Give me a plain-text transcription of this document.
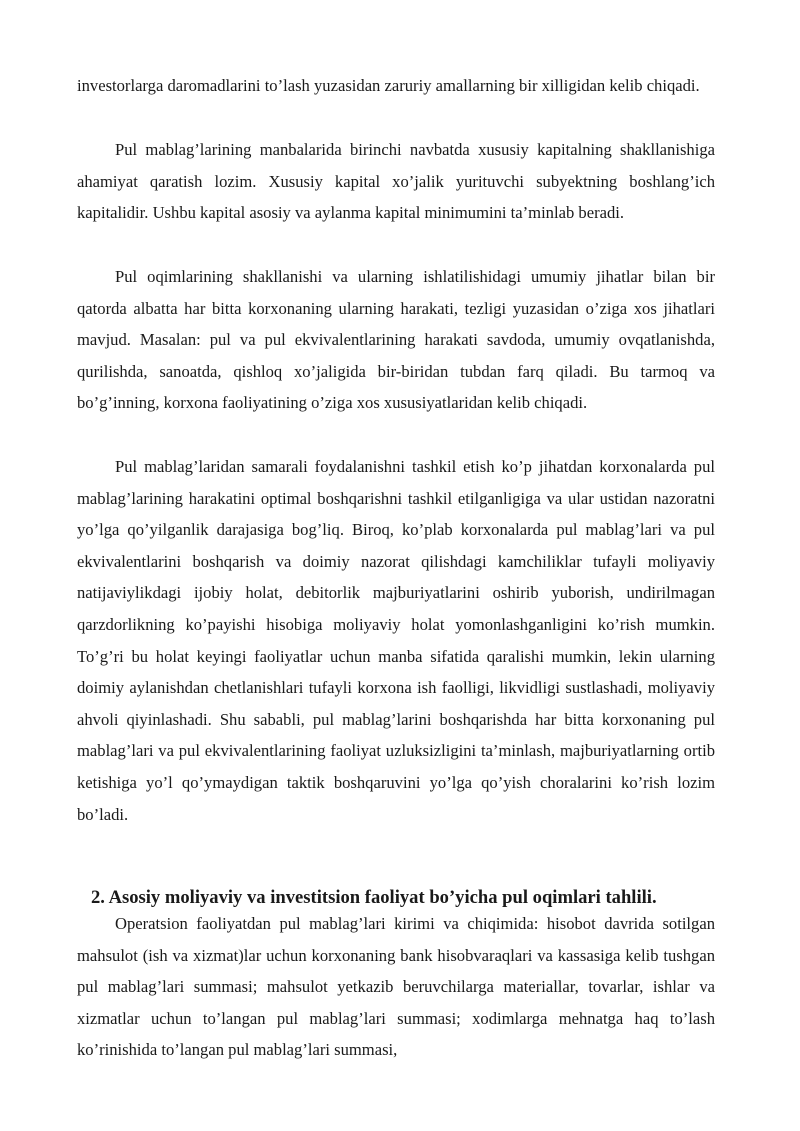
investorlarga daromadlarini to’lash yuzasidan zaruriy amallarning bir xilligidan kelib chiqadi.

Pul mablag’larining manbalarida birinchi navbatda xususiy kapitalning shakllanishiga ahamiyat qaratish lozim. Xususiy kapital xo’jalik yurituvchi subyektning boshlang’ich kapitalidir. Ushbu kapital asosiy va aylanma kapital minimumini ta’minlab beradi.

Pul oqimlarining shakllanishi va ularning ishlatilishidagi umumiy jihatlar bilan bir qatorda albatta har bitta korxonaning ularning harakati, tezligi yuzasidan o’ziga xos jihatlari mavjud. Masalan: pul va pul ekvivalentlarining harakati savdoda, umumiy ovqatlanishda, qurilishda, sanoatda, qishloq xo’jaligida bir-biridan tubdan farq qiladi. Bu tarmoq va bo’g’inning, korxona faoliyatining o’ziga xos xususiyatlaridan kelib chiqadi.

Pul mablag’laridan samarali foydalanishni tashkil etish ko’p jihatdan korxonalarda pul mablag’larining harakatini optimal boshqarishni tashkil etilganligiga va ular ustidan nazoratni yo’lga qo’yilganlik darajasiga bog’liq. Biroq, ko’plab korxonalarda pul mablag’lari va pul ekvivalentlarini boshqarish va doimiy nazorat qilishdagi kamchiliklar tufayli moliyaviy natijaviylikdagi ijobiy holat, debitorlik majburiyatlarini oshirib yuborish, undirilmagan qarzdorlikning ko’payishi hisobiga moliyaviy holat yomonlashganligini ko’rish mumkin. To’g’ri bu holat keyingi faoliyatlar uchun manba sifatida qaralishi mumkin, lekin ularning doimiy aylanishdan chetlanishlari tufayli korxona ish faolligi, likvidligi sustlashadi, moliyaviy ahvoli qiyinlashadi. Shu sababli, pul mablag’larini boshqarishda har bitta korxonaning pul mablag’lari va pul ekvivalentlarining faoliyat uzluksizligini ta’minlash, majburiyatlarning ortib ketishiga yo’l qo’ymaydigan taktik boshqaruvini yo’lga qo’yish choralarini ko’rish lozim bo’ladi.

2. Asosiy moliyaviy va investitsion faoliyat bo’yicha pul oqimlari tahlili.

Operatsion faoliyatdan pul mablag’lari kirimi va chiqimida: hisobot davrida sotilgan mahsulot (ish va xizmat)lar uchun korxonaning bank hisobvaraqlari va kassasiga kelib tushgan pul mablag’lari summasi; mahsulot yetkazib beruvchilarga materiallar, tovarlar, ishlar va xizmatlar uchun to’langan pul mablag’lari summasi; xodimlarga mehnatga haq to’lash ko’rinishida to’langan pul mablag’lari summasi,
